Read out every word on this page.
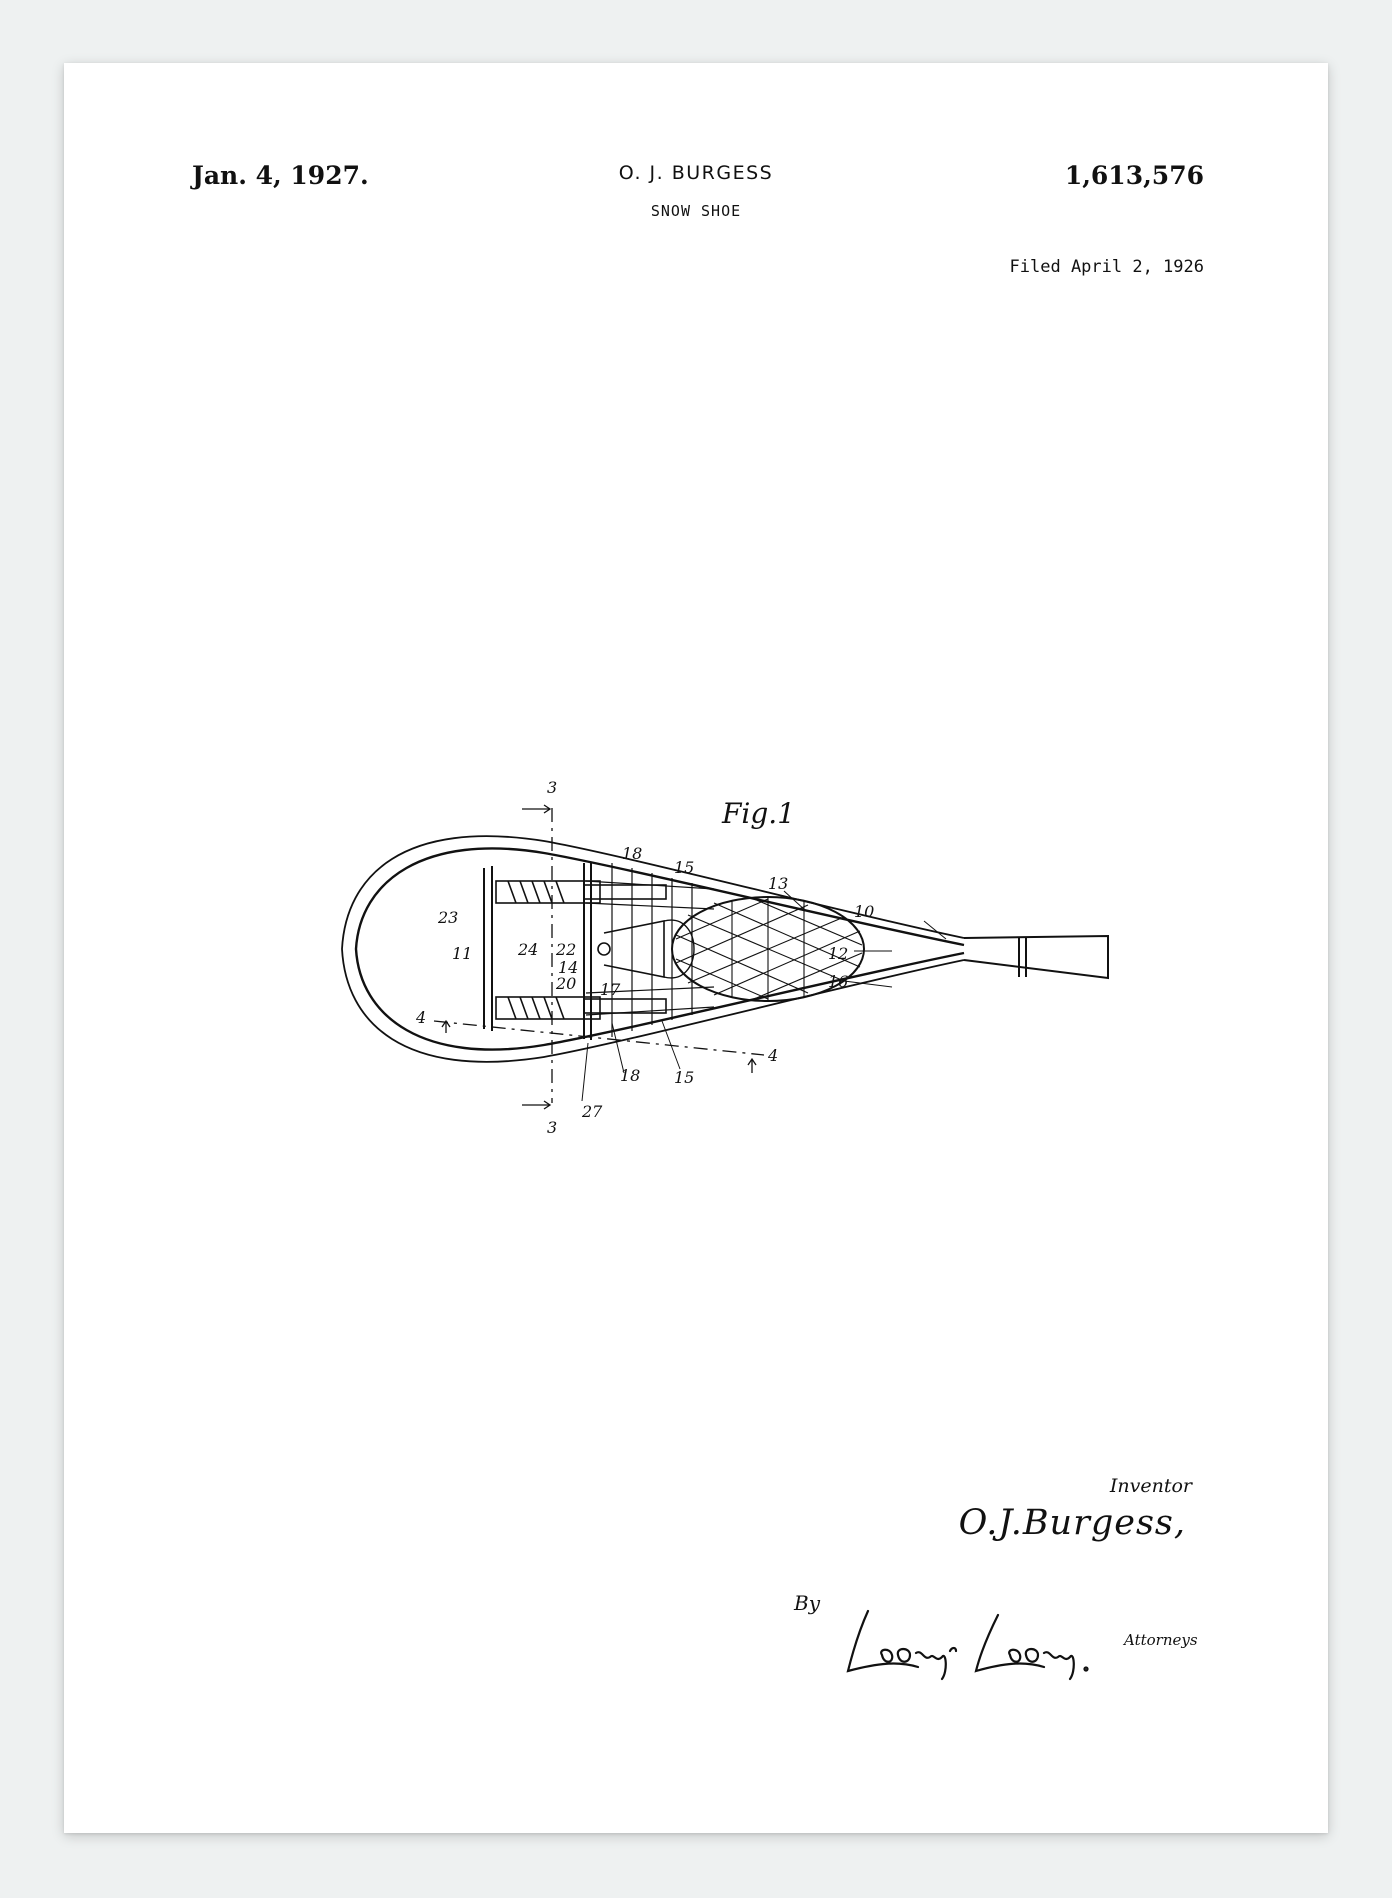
Jan. 4, 1927.	O. J. BURGESS
SNOW SHOE
1,613,576
Filed April 2, 1926
Fig.1
3
3
4
4
10
11	12
13
14
15
15
16
17
18
18
20
22
23
24
27
Inventor
O.J.Burgess,
By
Attorneys
